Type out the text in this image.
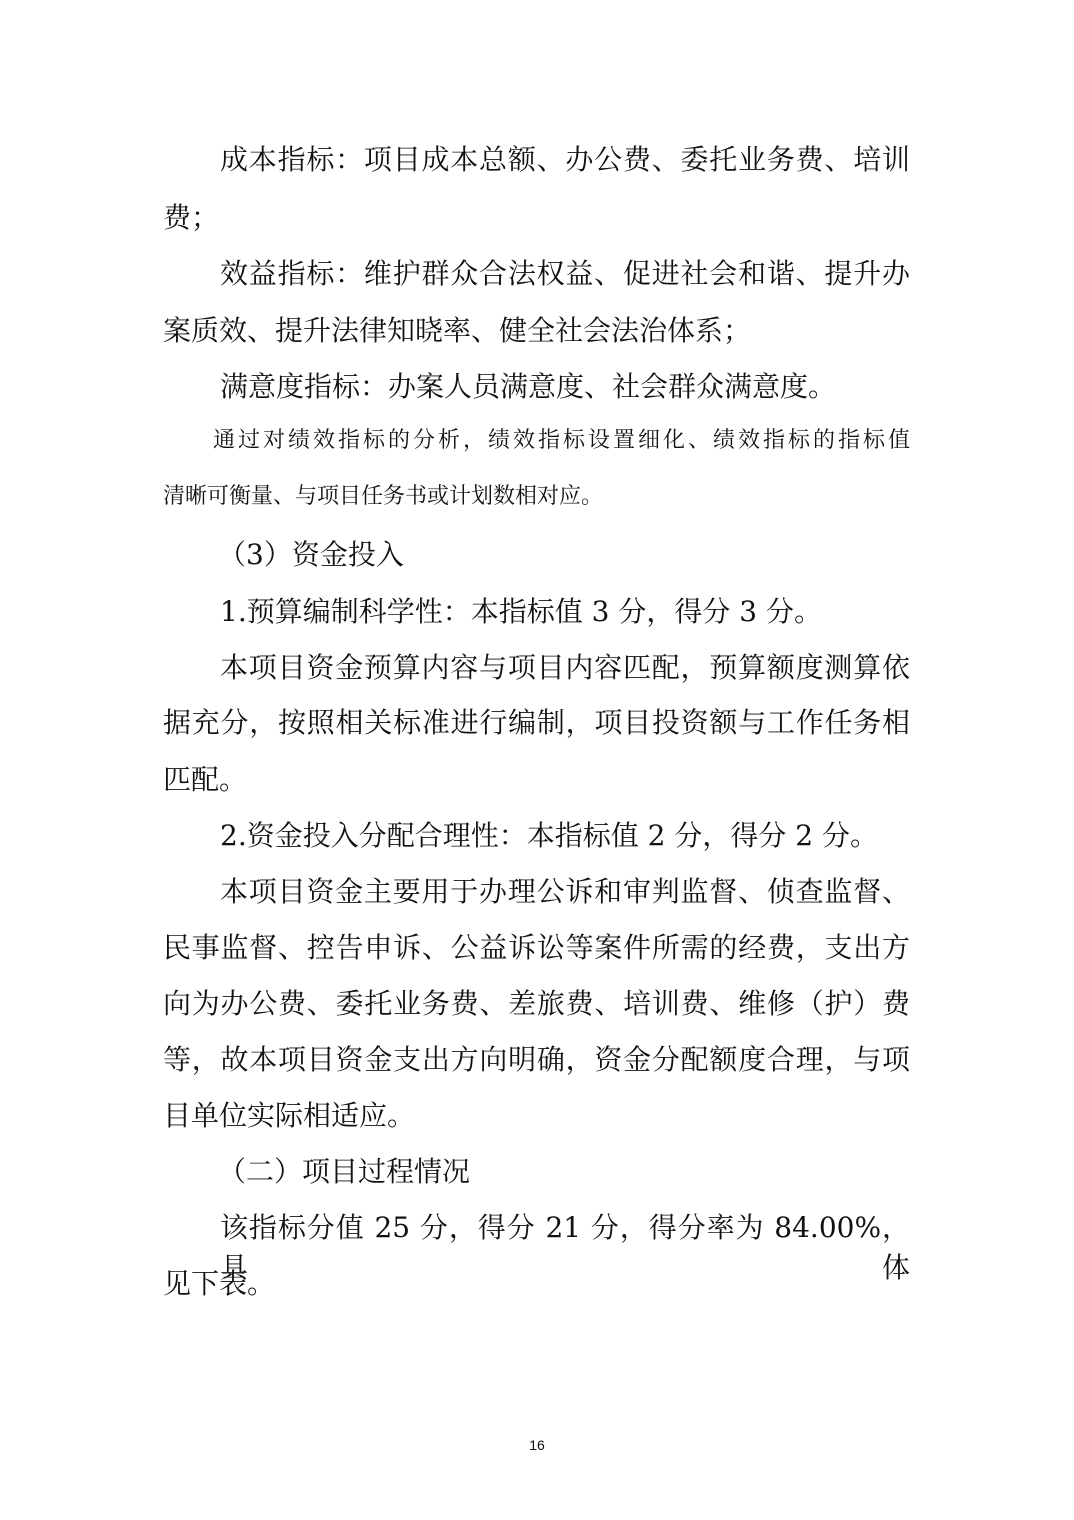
成本指标：项目成本总额、办公费、委托业务费、培训
费；
效益指标：维护群众合法权益、促进社会和谐、提升办
案质效、提升法律知晓率、健全社会法治体系；
满意度指标：办案人员满意度、社会群众满意度。
通过对绩效指标的分析，绩效指标设置细化、绩效指标的指标值
清晰可衡量、与项目任务书或计划数相对应。
（3）资金投入
1.预算编制科学性：本指标值 3 分，得分 3 分。
本项目资金预算内容与项目内容匹配，预算额度测算依
据充分，按照相关标准进行编制，项目投资额与工作任务相
匹配。
2.资金投入分配合理性：本指标值 2 分，得分 2 分。
本项目资金主要用于办理公诉和审判监督、侦查监督、
民事监督、控告申诉、公益诉讼等案件所需的经费，支出方
向为办公费、委托业务费、差旅费、培训费、维修（护）费
等，故本项目资金支出方向明确，资金分配额度合理，与项
目单位实际相适应。
（二）项目过程情况
该指标分值 25 分，得分 21 分，得分率为 84.00%，具体
见下表。
16
